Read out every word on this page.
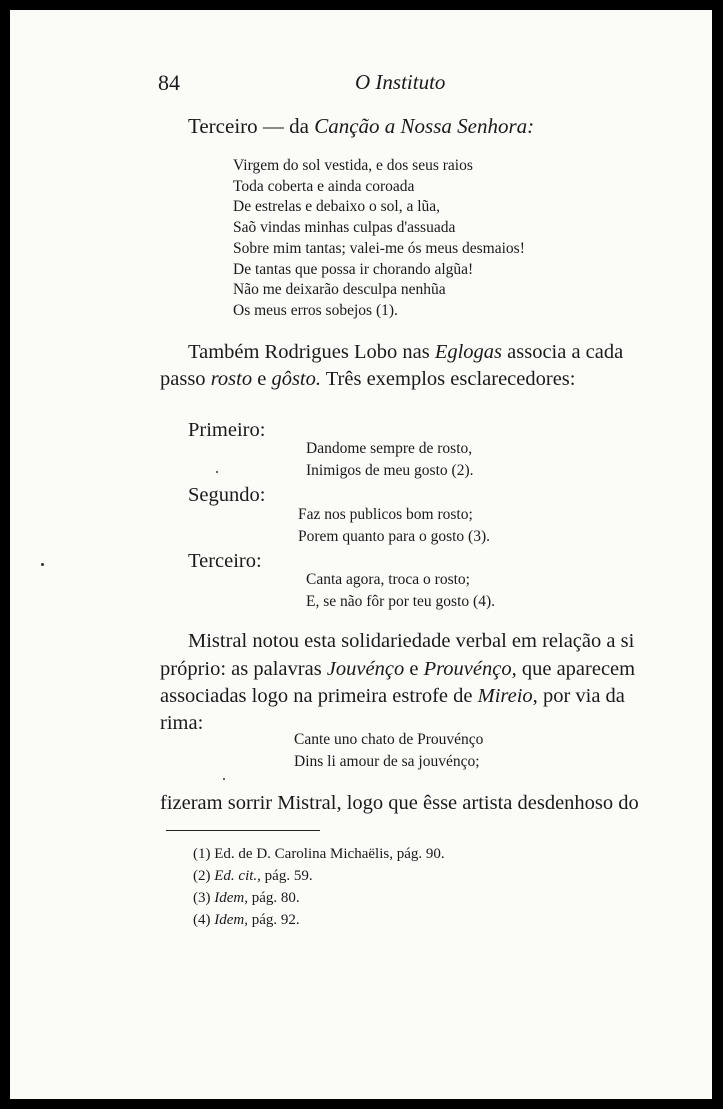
84	O Instituto
Terceiro — da Canção a Nossa Senhora:
Virgem do sol vestida, e dos seus raios
Toda coberta e ainda coroada
De estrelas e debaixo o sol, a lũa,
Saõ vindas minhas culpas d'assuada
Sobre mim tantas; valei-me ós meus desmaios!
De tantas que possa ir chorando algũa!
Não me deixarão desculpa nenhũa
Os meus erros sobejos (1).
Também Rodrigues Lobo nas Eglogas associa a cada
passo rosto e gôsto. Três exemplos esclarecedores:
Primeiro:
Dandome sempre de rosto,
Inimigos de meu gosto (2).
Segundo:
Faz nos publicos bom rosto;
Porem quanto para o gosto (3).
Terceiro:
Canta agora, troca o rosto;
E, se não fôr por teu gosto (4).
Mistral notou esta solidariedade verbal em relação a si
próprio: as palavras Jouvénço e Prouvénço, que aparecem
associadas logo na primeira estrofe de Mireio, por via da
rima:
Cante uno chato de Prouvénço
Dins li amour de sa jouvénço;
fizeram sorrir Mistral, logo que êsse artista desdenhoso do
(1) Ed. de D. Carolina Michaëlis, pág. 90.
(2) Ed. cit., pág. 59.
(3) Idem, pág. 80.
(4) Idem, pág. 92.
